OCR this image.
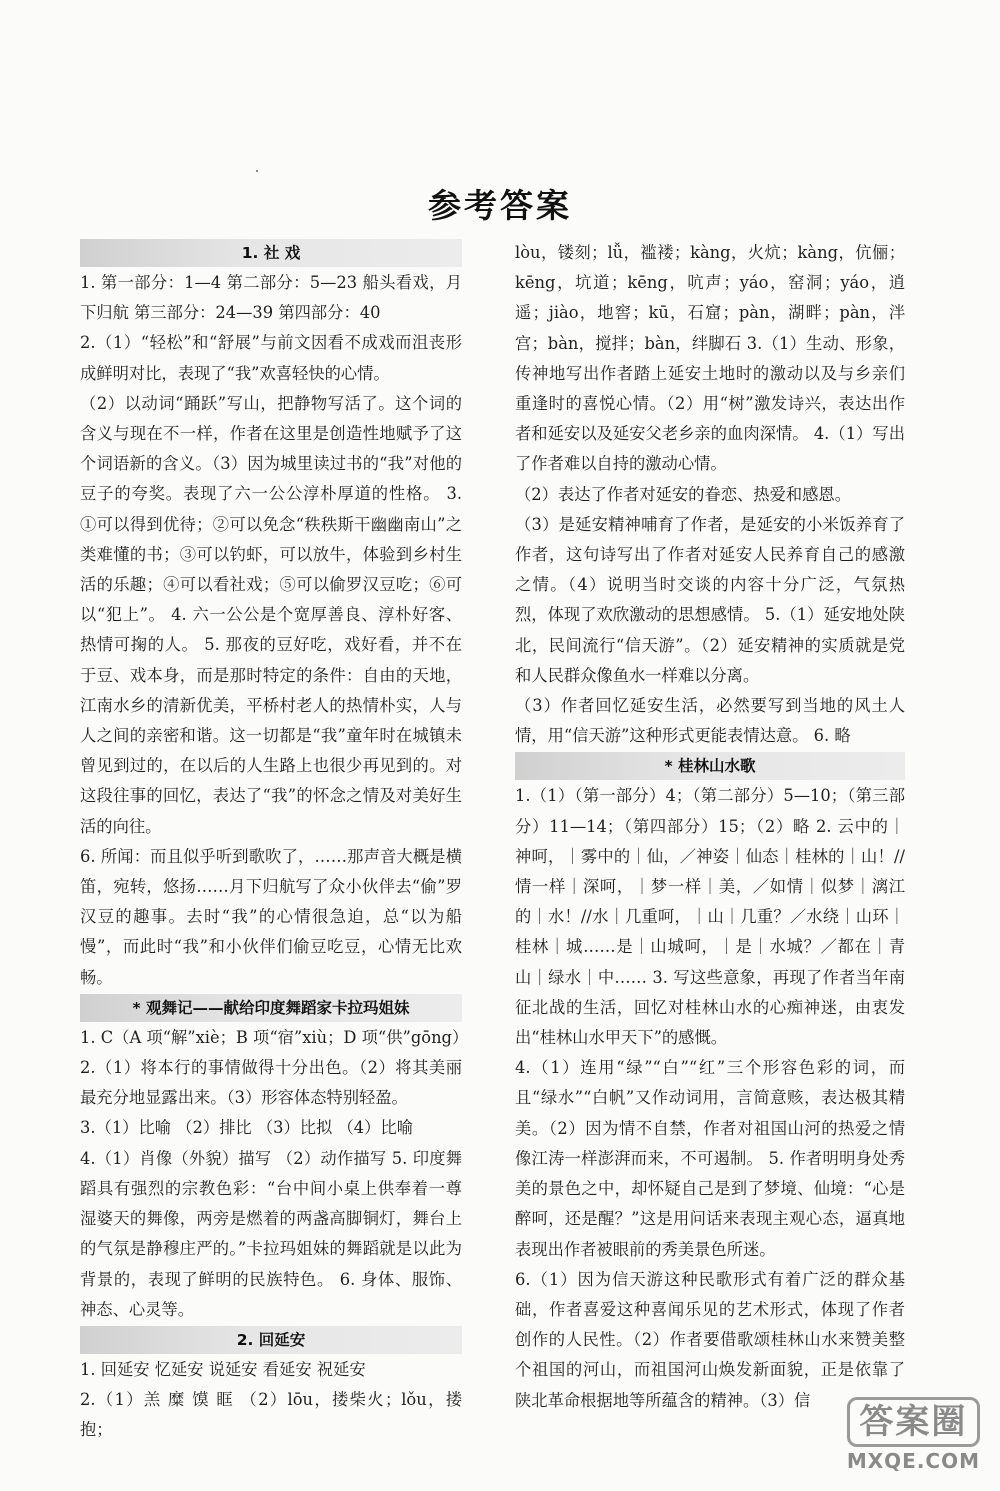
参考答案
1. 社 戏

1. 第一部分：1—4 第二部分：5—23 船头看戏，月下归航 第三部分：24—39 第四部分：40

2.（1）“轻松”和“舒展”与前文因看不成戏而沮丧形成鲜明对比，表现了“我”欢喜轻快的心情。

（2）以动词“踊跃”写山，把静物写活了。这个词的含义与现在不一样，作者在这里是创造性地赋予了这个词语新的含义。（3）因为城里读过书的“我”对他的豆子的夸奖。表现了六一公公淳朴厚道的性格。 3. ①可以得到优待；②可以免念“秩秩斯干幽幽南山”之类难懂的书；③可以钓虾，可以放牛，体验到乡村生活的乐趣；④可以看社戏；⑤可以偷罗汉豆吃；⑥可以“犯上”。 4. 六一公公是个宽厚善良、淳朴好客、热情可掬的人。 5. 那夜的豆好吃，戏好看，并不在于豆、戏本身，而是那时特定的条件：自由的天地，江南水乡的清新优美，平桥村老人的热情朴实，人与人之间的亲密和谐。这一切都是“我”童年时在城镇未曾见到过的，在以后的人生路上也很少再见到的。对这段往事的回忆，表达了“我”的怀念之情及对美好生活的向往。

6. 所闻：而且似乎听到歌吹了，……那声音大概是横笛，宛转，悠扬……月下归航写了众小伙伴去“偷”罗汉豆的趣事。去时“我”的心情很急迫，总“以为船慢”，而此时“我”和小伙伴们偷豆吃豆，心情无比欢畅。

* 观舞记——献给印度舞蹈家卡拉玛姐妹

1. C（A 项“解”xiè；B 项“宿”xiù；D 项“供”gōng）

2.（1）将本行的事情做得十分出色。（2）将其美丽最充分地显露出来。（3）形容体态特别轻盈。

3.（1）比喻 （2）排比 （3）比拟 （4）比喻

4.（1）肖像（外貌）描写 （2）动作描写 5. 印度舞蹈具有强烈的宗教色彩：“台中间小桌上供奉着一尊湿婆天的舞像，两旁是燃着的两盏高脚铜灯，舞台上的气氛是静穆庄严的。”卡拉玛姐妹的舞蹈就是以此为背景的，表现了鲜明的民族特色。 6. 身体、服饰、神态、心灵等。

2. 回延安

1. 回延安 忆延安 说延安 看延安 祝延安

2.（1）羔 糜 馍 眶 （2）lōu，搂柴火；lǒu，搂抱；

lòu，镂刻；lǚ，褴褛；kàng，火炕；kàng，伉俪；kēng，坑道；kēng，吭声；yáo，窑洞；yáo，逍遥；jiào，地窖；kū，石窟；pàn，湖畔；pàn，泮宫；bàn，搅拌；bàn，绊脚石 3.（1）生动、形象，传神地写出作者踏上延安土地时的激动以及与乡亲们重逢时的喜悦心情。（2）用“树”激发诗兴，表达出作者和延安以及延安父老乡亲的血肉深情。 4.（1）写出了作者难以自持的激动心情。

（2）表达了作者对延安的眷恋、热爱和感恩。

（3）是延安精神哺育了作者，是延安的小米饭养育了作者，这句诗写出了作者对延安人民养育自己的感激之情。（4）说明当时交谈的内容十分广泛，气氛热烈，体现了欢欣激动的思想感情。 5.（1）延安地处陕北，民间流行“信天游”。（2）延安精神的实质就是党和人民群众像鱼水一样难以分离。

（3）作者回忆延安生活，必然要写到当地的风土人情，用“信天游”这种形式更能表情达意。 6. 略

* 桂林山水歌

1.（1）（第一部分）4；（第二部分）5—10；（第三部分）11—14；（第四部分）15；（2）略 2. 云中的｜神呵，｜雾中的｜仙，／神姿｜仙态｜桂林的｜山！//情一样｜深呵，｜梦一样｜美，／如情｜似梦｜漓江的｜水！//水｜几重呵，｜山｜几重？／水绕｜山环｜桂林｜城……是｜山城呵，｜是｜水城？／都在｜青山｜绿水｜中…… 3. 写这些意象，再现了作者当年南征北战的生活，回忆对桂林山水的心痴神迷，由衷发出“桂林山水甲天下”的感慨。

4.（1）连用“绿”“白”“红”三个形容色彩的词，而且“绿水”“白帆”又作动词用，言简意赅，表达极其精美。（2）因为情不自禁，作者对祖国山河的热爱之情像江涛一样澎湃而来，不可遏制。 5. 作者明明身处秀美的景色之中，却怀疑自己是到了梦境、仙境：“心是醉呵，还是醒？”这是用问话来表现主观心态，逼真地表现出作者被眼前的秀美景色所迷。

6.（1）因为信天游这种民歌形式有着广泛的群众基础，作者喜爱这种喜闻乐见的艺术形式，体现了作者创作的人民性。（2）作者要借歌颂桂林山水来赞美整个祖国的河山，而祖国河山焕发新面貌，正是依靠了陕北革命根据地等所蕴含的精神。（3）信

答案圈
MXQE.COM
